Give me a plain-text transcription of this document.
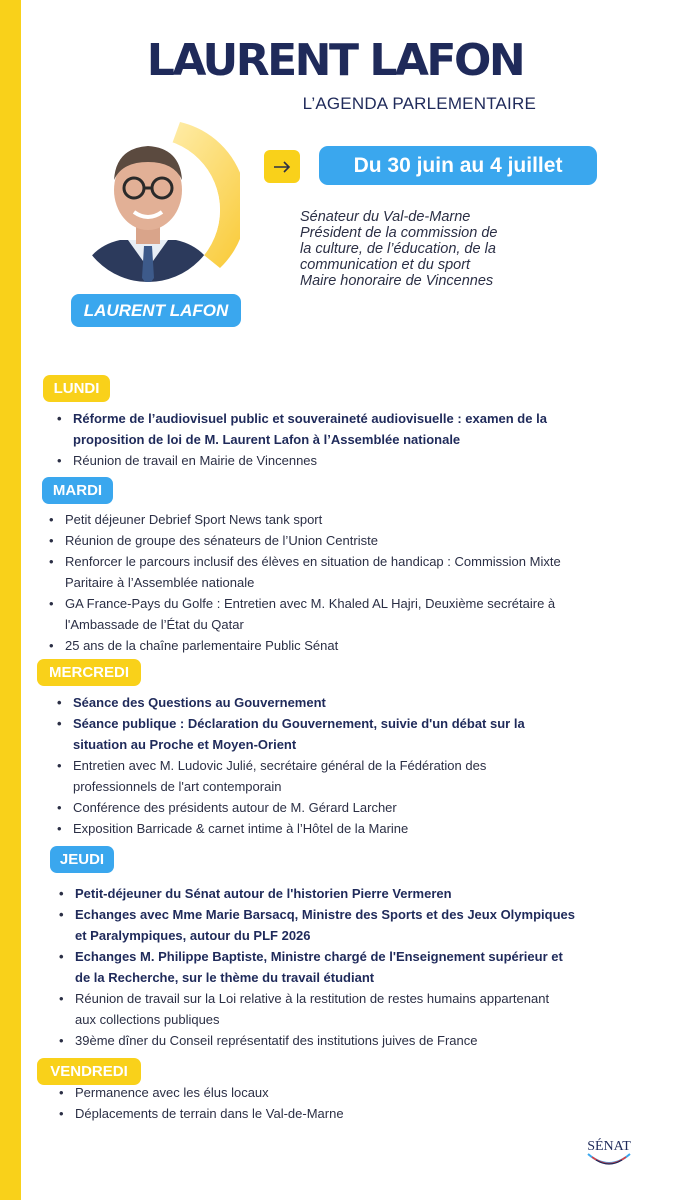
LAURENT LAFON
L’AGENDA PARLEMENTAIRE
LAURENT LAFON
Du 30 juin au 4 juillet
Sénateur du Val-de-Marne
Président de la commission de
la culture, de l’éducation, de la
communication et du sport
Maire honoraire de Vincennes
LUNDI
• Réforme de l’audiovisuel public et souveraineté audiovisuelle : examen de la
proposition de loi de M. Laurent Lafon à l’Assemblée nationale
• Réunion de travail en Mairie de Vincennes
MARDI
• Petit déjeuner Debrief Sport News tank sport
• Réunion de groupe des sénateurs de l’Union Centriste
• Renforcer le parcours inclusif des élèves en situation de handicap : Commission Mixte
Paritaire à l’Assemblée nationale
• GA France-Pays du Golfe : Entretien avec M. Khaled AL Hajri, Deuxième secrétaire à
l'Ambassade de l’État du Qatar
• 25 ans de la chaîne parlementaire Public Sénat
MERCREDI
• Séance des Questions au Gouvernement
• Séance publique : Déclaration du Gouvernement, suivie d'un débat sur la
situation au Proche et Moyen-Orient
• Entretien avec M. Ludovic Julié, secrétaire général de la Fédération des
professionnels de l'art contemporain
• Conférence des présidents autour de M. Gérard Larcher
• Exposition Barricade & carnet intime à l’Hôtel de la Marine
JEUDI
• Petit-déjeuner du Sénat autour de l'historien Pierre Vermeren
• Echanges avec Mme Marie Barsacq, Ministre des Sports et des Jeux Olympiques
et Paralympiques, autour du PLF 2026
• Echanges M. Philippe Baptiste, Ministre chargé de l'Enseignement supérieur et
de la Recherche, sur le thème du travail étudiant
• Réunion de travail sur la Loi relative à la restitution de restes humains appartenant
aux collections publiques
• 39ème dîner du Conseil représentatif des institutions juives de France
VENDREDI
• Permanence avec les élus locaux
• Déplacements de terrain dans le Val-de-Marne
SÉNAT
